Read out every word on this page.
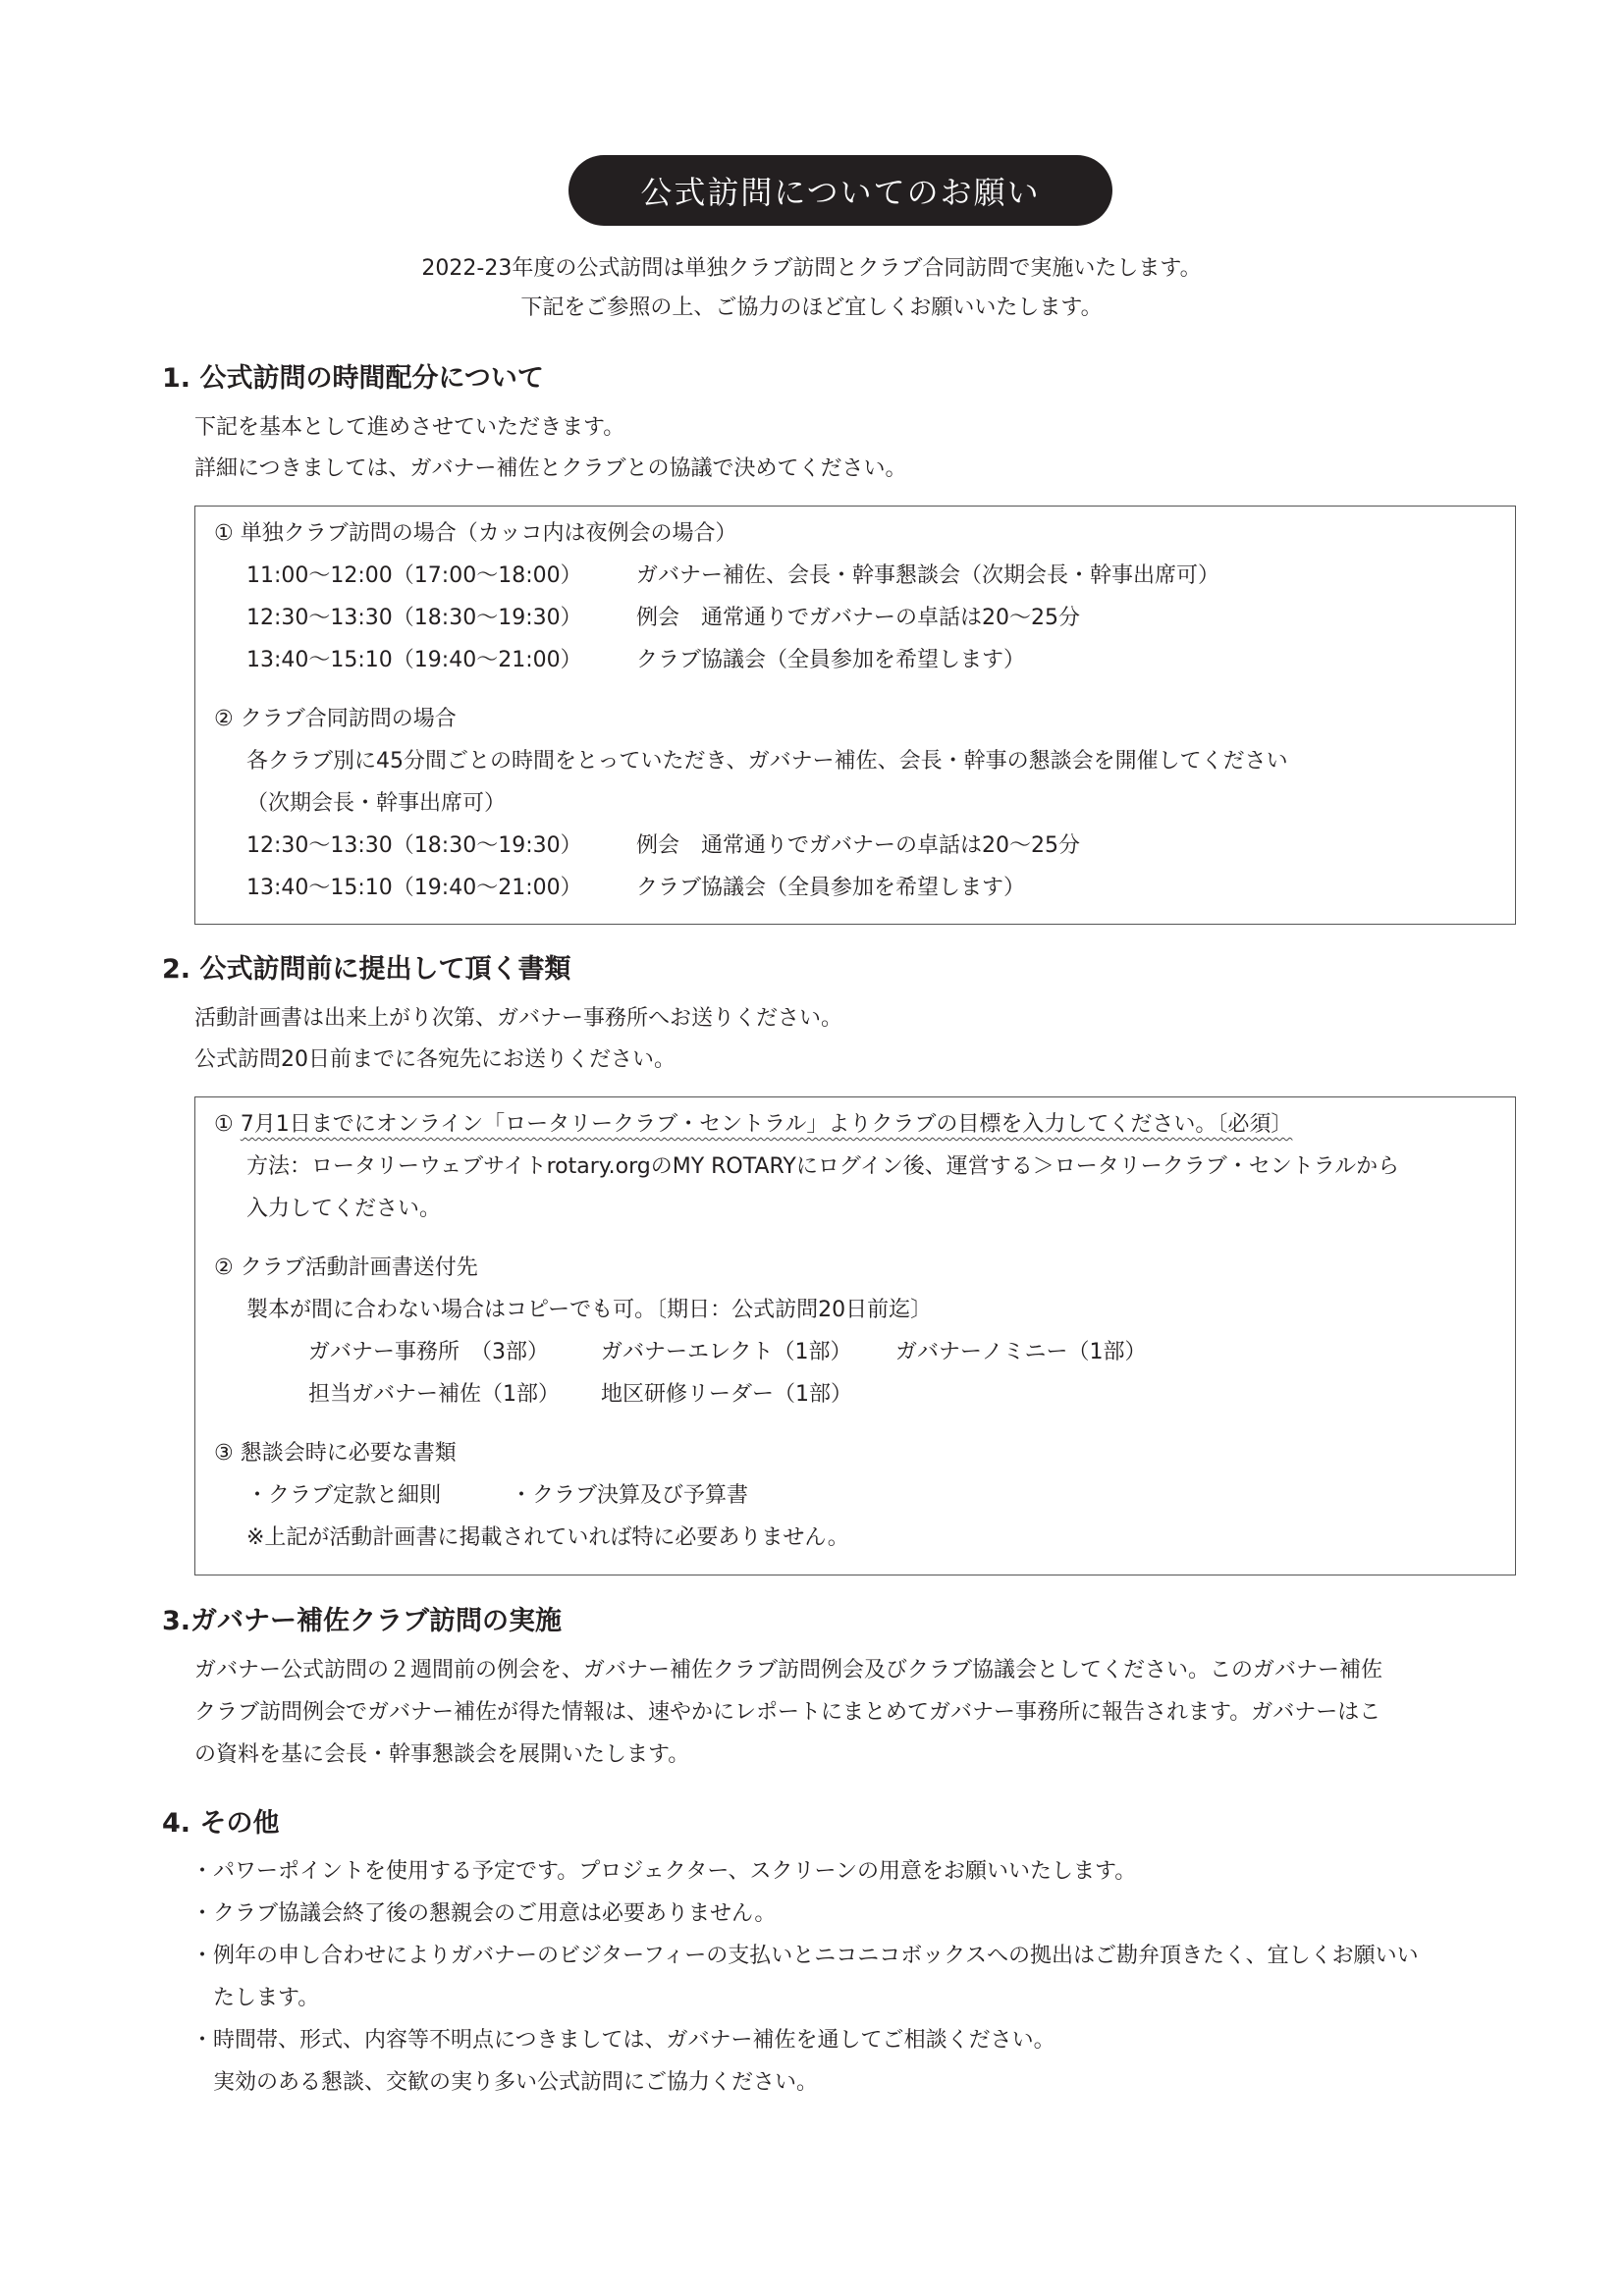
公式訪問についてのお願い
2022-23年度の公式訪問は単独クラブ訪問とクラブ合同訪問で実施いたします。
下記をご参照の上、ご協力のほど宜しくお願いいたします。
1. 公式訪問の時間配分について
下記を基本として進めさせていただきます。
詳細につきましては、ガバナー補佐とクラブとの協議で決めてください。
① 単独クラブ訪問の場合（カッコ内は夜例会の場合）
11:00～12:00（17:00～18:00）	ガバナー補佐、会長・幹事懇談会（次期会長・幹事出席可）
12:30～13:30（18:30～19:30）	例会　通常通りでガバナーの卓話は20～25分
13:40～15:10（19:40～21:00）	クラブ協議会（全員参加を希望します）
② クラブ合同訪問の場合
各クラブ別に45分間ごとの時間をとっていただき、ガバナー補佐、会長・幹事の懇談会を開催してください
（次期会長・幹事出席可）
12:30～13:30（18:30～19:30）	例会　通常通りでガバナーの卓話は20～25分
13:40～15:10（19:40～21:00）	クラブ協議会（全員参加を希望します）
2. 公式訪問前に提出して頂く書類
活動計画書は出来上がり次第、ガバナー事務所へお送りください。
公式訪問20日前までに各宛先にお送りください。
① 7月1日までにオンライン「ロータリークラブ・セントラル」よりクラブの目標を入力してください。〔必須〕
方法：ロータリーウェブサイトrotary.orgのMY ROTARYにログイン後、運営する＞ロータリークラブ・セントラルから
入力してください。
② クラブ活動計画書送付先
製本が間に合わない場合はコピーでも可。〔期日：公式訪問20日前迄〕
ガバナー事務所　（3部） ガバナーエレクト（1部） ガバナーノミニー（1部）
担当ガバナー補佐（1部） 地区研修リーダー（1部）
③ 懇談会時に必要な書類
・クラブ定款と細則	・クラブ決算及び予算書
※上記が活動計画書に掲載されていれば特に必要ありません。
3.ガバナー補佐クラブ訪問の実施
ガバナー公式訪問の２週間前の例会を、ガバナー補佐クラブ訪問例会及びクラブ協議会としてください。このガバナー補佐
クラブ訪問例会でガバナー補佐が得た情報は、速やかにレポートにまとめてガバナー事務所に報告されます。ガバナーはこ
の資料を基に会長・幹事懇談会を展開いたします。
4. その他
・パワーポイントを使用する予定です。プロジェクター、スクリーンの用意をお願いいたします。
・クラブ協議会終了後の懇親会のご用意は必要ありません。
・例年の申し合わせによりガバナーのビジターフィーの支払いとニコニコボックスへの拠出はご勘弁頂きたく、宜しくお願いい
　たします。
・時間帯、形式、内容等不明点につきましては、ガバナー補佐を通してご相談ください。
　実効のある懇談、交歓の実り多い公式訪問にご協力ください。
